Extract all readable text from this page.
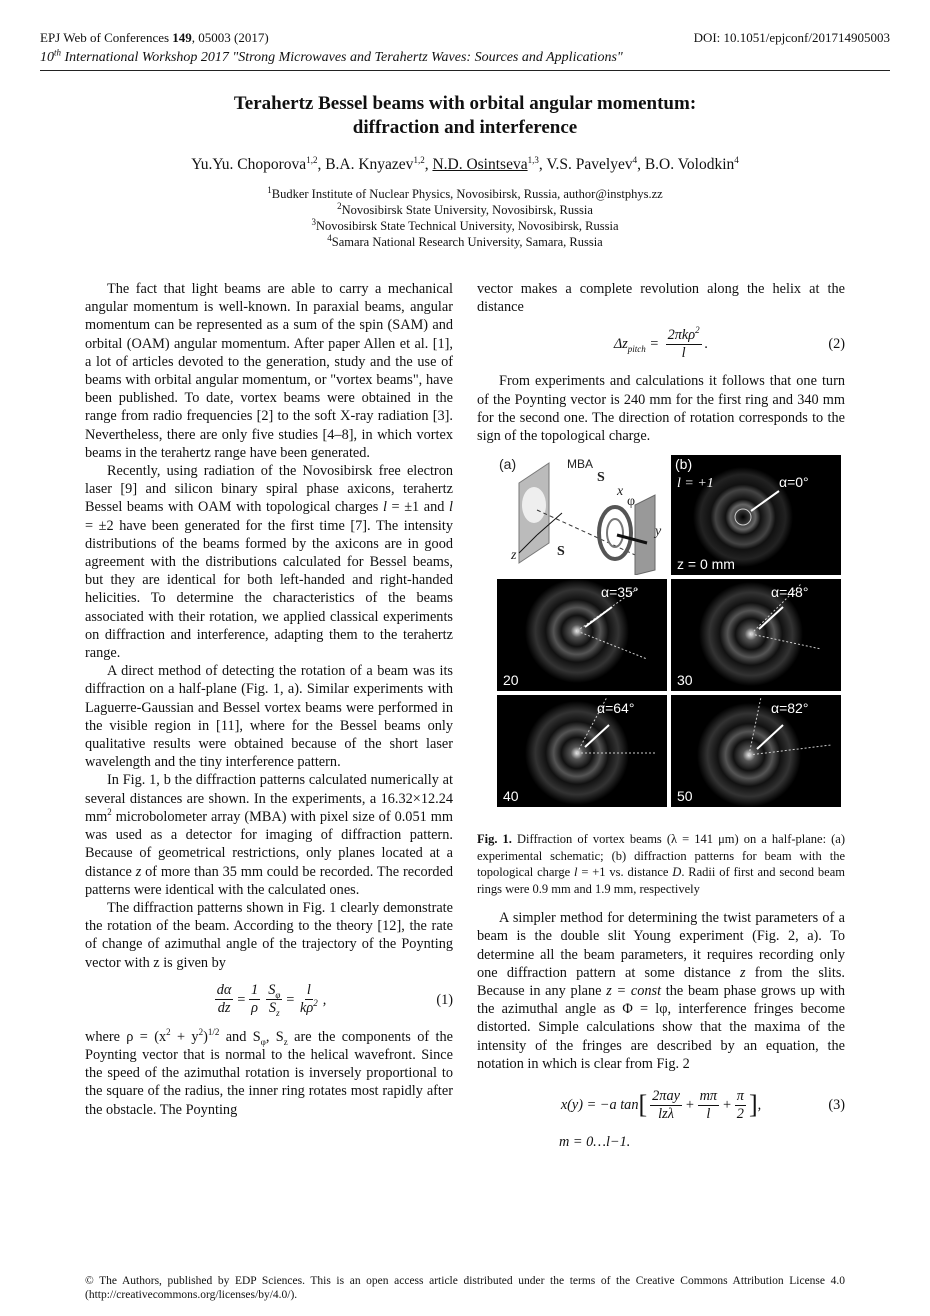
EPJ Web of Conferences 149, 05003 (2017)	DOI: 10.1051/epjconf/201714905003
10th International Workshop 2017 "Strong Microwaves and Terahertz Waves: Sources and Applications"
Terahertz Bessel beams with orbital angular momentum:
diffraction and interference
Yu.Yu. Choporova$^{1,2}$, B.A. Knyazev$^{1,2}$, N.D. Osintseva$^{1,3}$, V.S. Pavelyev$^4$, B.O. Volodkin$^4$
$^1$Budker Institute of Nuclear Physics, Novosibirsk, Russia, author@instphys.zz
$^2$Novosibirsk State University, Novosibirsk, Russia
$^3$Novosibirsk State Technical University, Novosibirsk, Russia
$^4$Samara National Research University, Samara, Russia

The fact that light beams are able to carry a mechanical angular momentum is well-known. In paraxial beams, angular momentum can be represented as a sum of the spin (SAM) and orbital (OAM) angular momentum. After paper Allen et al. [1], a lot of articles devoted to the generation, study and the use of beams with orbital angular momentum, or "vortex beams", have been published. To date, vortex beams were obtained in the range from radio frequencies [2] to the soft X-ray radiation [3]. Nevertheless, there are only five studies [4–8], in which vortex beams in the terahertz range have been generated.

Recently, using radiation of the Novosibirsk free electron laser [9] and silicon binary spiral phase axicons, terahertz Bessel beams with OAM with topological charges l = ±1 and l = ±2 have been generated for the first time [7]. The intensity distributions of the beams formed by the axicons are in good agreement with the distributions calculated for Bessel beams, but they are identical for both left-handed and right-handed helicities. To determine the characteristics of the beams associated with their rotation, we applied classical experiments on diffraction and interference, adapting them to the terahertz range.

A direct method of detecting the rotation of a beam was its diffraction on a half-plane (Fig. 1, a). Similar experiments with Laguerre-Gaussian and Bessel vortex beams were performed in the visible region in [11], where for the Bessel beams only qualitative results were obtained because of the short laser wavelength and the tiny interference pattern.

In Fig. 1, b the diffraction patterns calculated numerically at several distances are shown. In the experiments, a 16.32×12.24 $mm^2$ microbolometer array (MBA) with pixel size of 0.051 mm was used as a detector for imaging of diffraction pattern. Because of geometrical restrictions, only planes located at a distance z of more than 35 mm could be recorded. The recorded patterns were identical with the calculated ones.

The diffraction patterns shown in Fig. 1 clearly demonstrate the rotation of the beam. According to the theory [12], the rate of change of azimuthal angle of the trajectory of the Poynting vector with z is given by

$\frac{d\alpha}{dz} = \frac{1}{\rho} \frac{S_\varphi}{S_z} = \frac{l}{k\rho^2}$ ,	(1)

where $\rho = (x^2 + y^2)^{1/2}$ and $S_\varphi$, $S_z$ are the components of the Poynting vector that is normal to the helical wavefront. Since the speed of the azimuthal rotation is inversely proportional to the square of the radius, the inner ring rotates most rapidly after the obstacle. The Poynting

vector makes a complete revolution along the helix at the distance

$\Delta z_{pitch} = \frac{2\pi k\rho^2}{l}$ .	(2)

From experiments and calculations it follows that one turn of the Poynting vector is 240 mm for the first ring and 340 mm for the second one. The direction of rotation corresponds to the sign of the topological charge.

(a)	MBA
S
x
φ
y
S
z
(b)
l = +1	α=0°
z = 0 mm
α=35°
20
α=48°
30
α=64°
40
α=82°
50
Fig. 1. Diffraction of vortex beams (λ = 141 μm) on a half-plane: (a) experimental schematic; (b) diffraction patterns for beam with the topological charge l = +1 vs. distance D. Radii of first and second beam rings were 0.9 mm and 1.9 mm, respectively

A simpler method for determining the twist parameters of a beam is the double slit Young experiment (Fig. 2, a). To determine all the beam parameters, it requires recording only one diffraction pattern at some distance z from the slits. Because in any plane z = const the beam phase grows up with the azimuthal angle as Φ = lφ, interference fringes become distorted. Simple calculations show that the maxima of the intensity of the fringes are described by an equation, the notation in which is clear from Fig. 2

x(y) = −a tan [ $\frac{\text{2πay}}{\text{lzλ}} + \frac{m\pi}{l} + \frac{\pi}{2}$ ] ,	(3)
m = 0…l−1.
© The Authors, published by EDP Sciences. This is an open access article distributed under the terms of the Creative Commons Attribution License 4.0 (http://creativecommons.org/licenses/by/4.0/).
